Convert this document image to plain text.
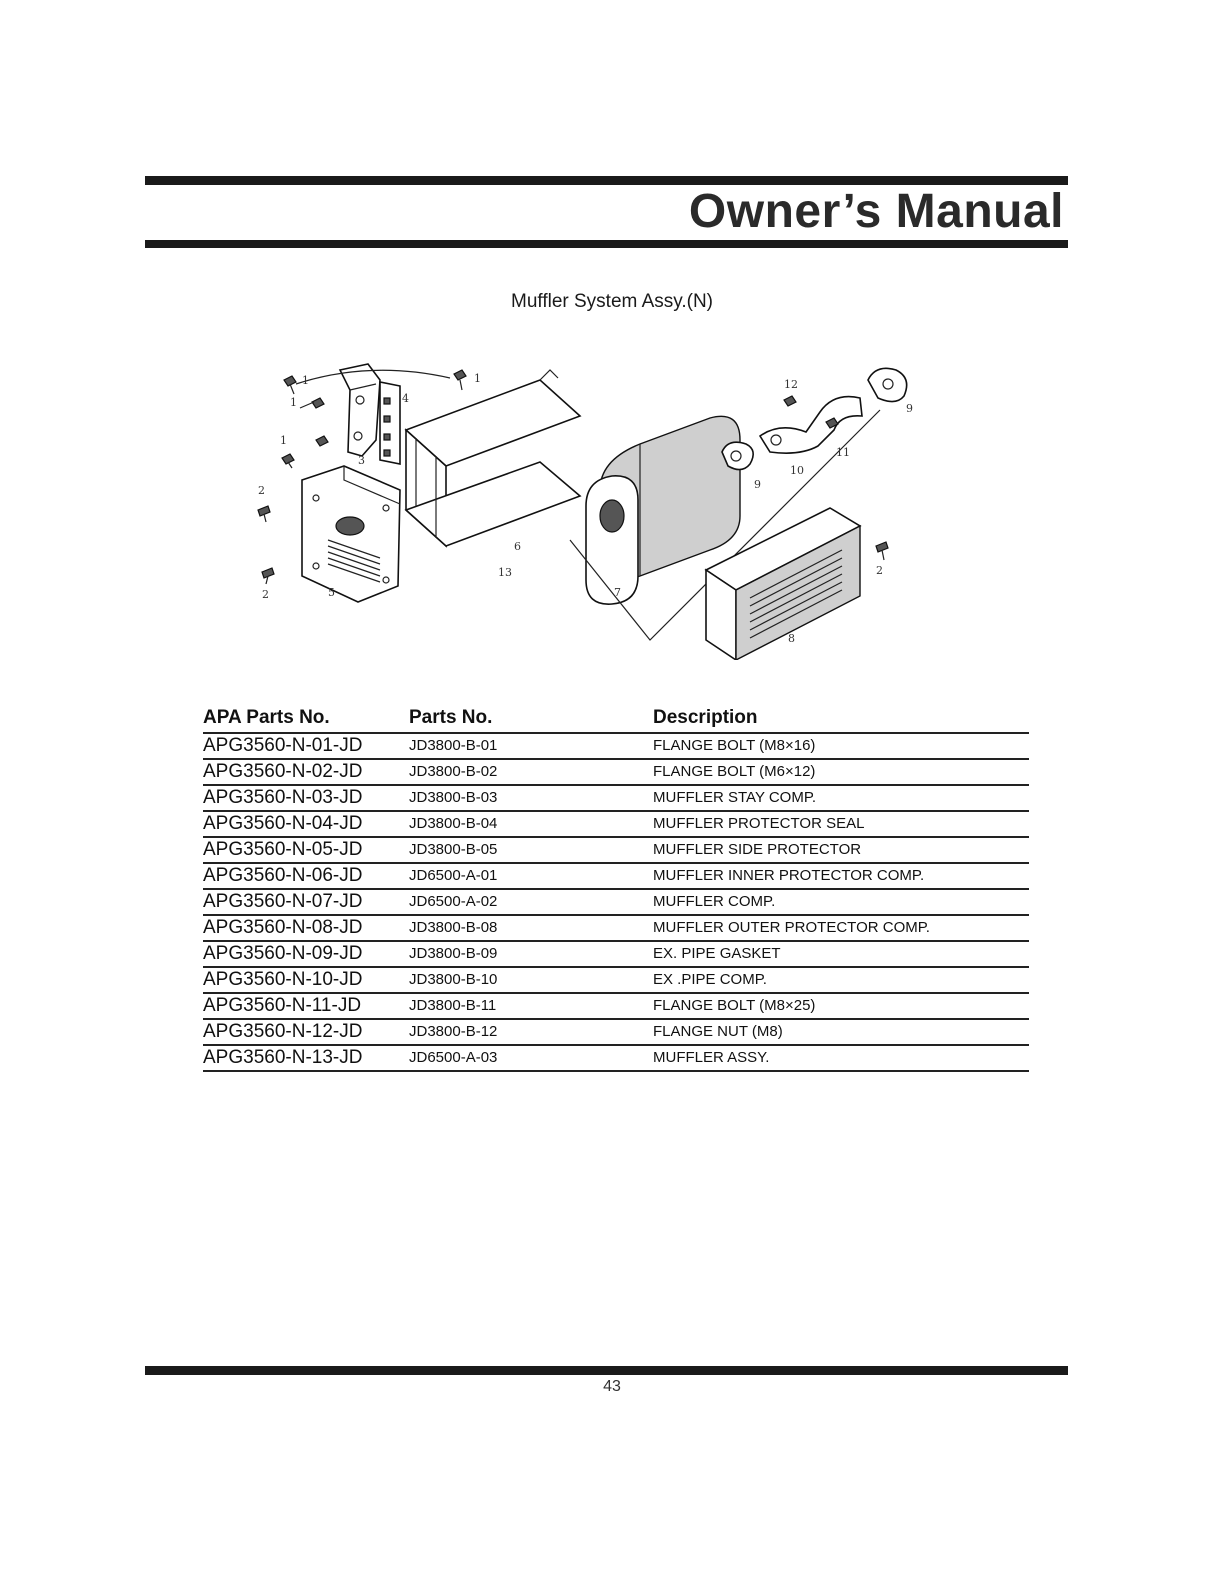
Owner’s Manual
Muffler System Assy.(N)
1
1
1
1
2
2
2
3
4
5
6
7
8
9
9
10
11
12
13
APA Parts No.	Parts No.	Description
APG3560-N-01-JD	JD3800-B-01	FLANGE BOLT (M8×16)
APG3560-N-02-JD	JD3800-B-02	FLANGE BOLT (M6×12)
APG3560-N-03-JD	JD3800-B-03	MUFFLER STAY COMP.
APG3560-N-04-JD	JD3800-B-04	MUFFLER PROTECTOR SEAL
APG3560-N-05-JD	JD3800-B-05	MUFFLER SIDE PROTECTOR
APG3560-N-06-JD	JD6500-A-01	MUFFLER INNER PROTECTOR COMP.
APG3560-N-07-JD	JD6500-A-02	MUFFLER COMP.
APG3560-N-08-JD	JD3800-B-08	MUFFLER OUTER PROTECTOR COMP.
APG3560-N-09-JD	JD3800-B-09	EX. PIPE GASKET
APG3560-N-10-JD	JD3800-B-10	EX .PIPE COMP.
APG3560-N-11-JD	JD3800-B-11	FLANGE BOLT (M8×25)
APG3560-N-12-JD	JD3800-B-12	FLANGE NUT (M8)
APG3560-N-13-JD	JD6500-A-03	MUFFLER ASSY.
43
